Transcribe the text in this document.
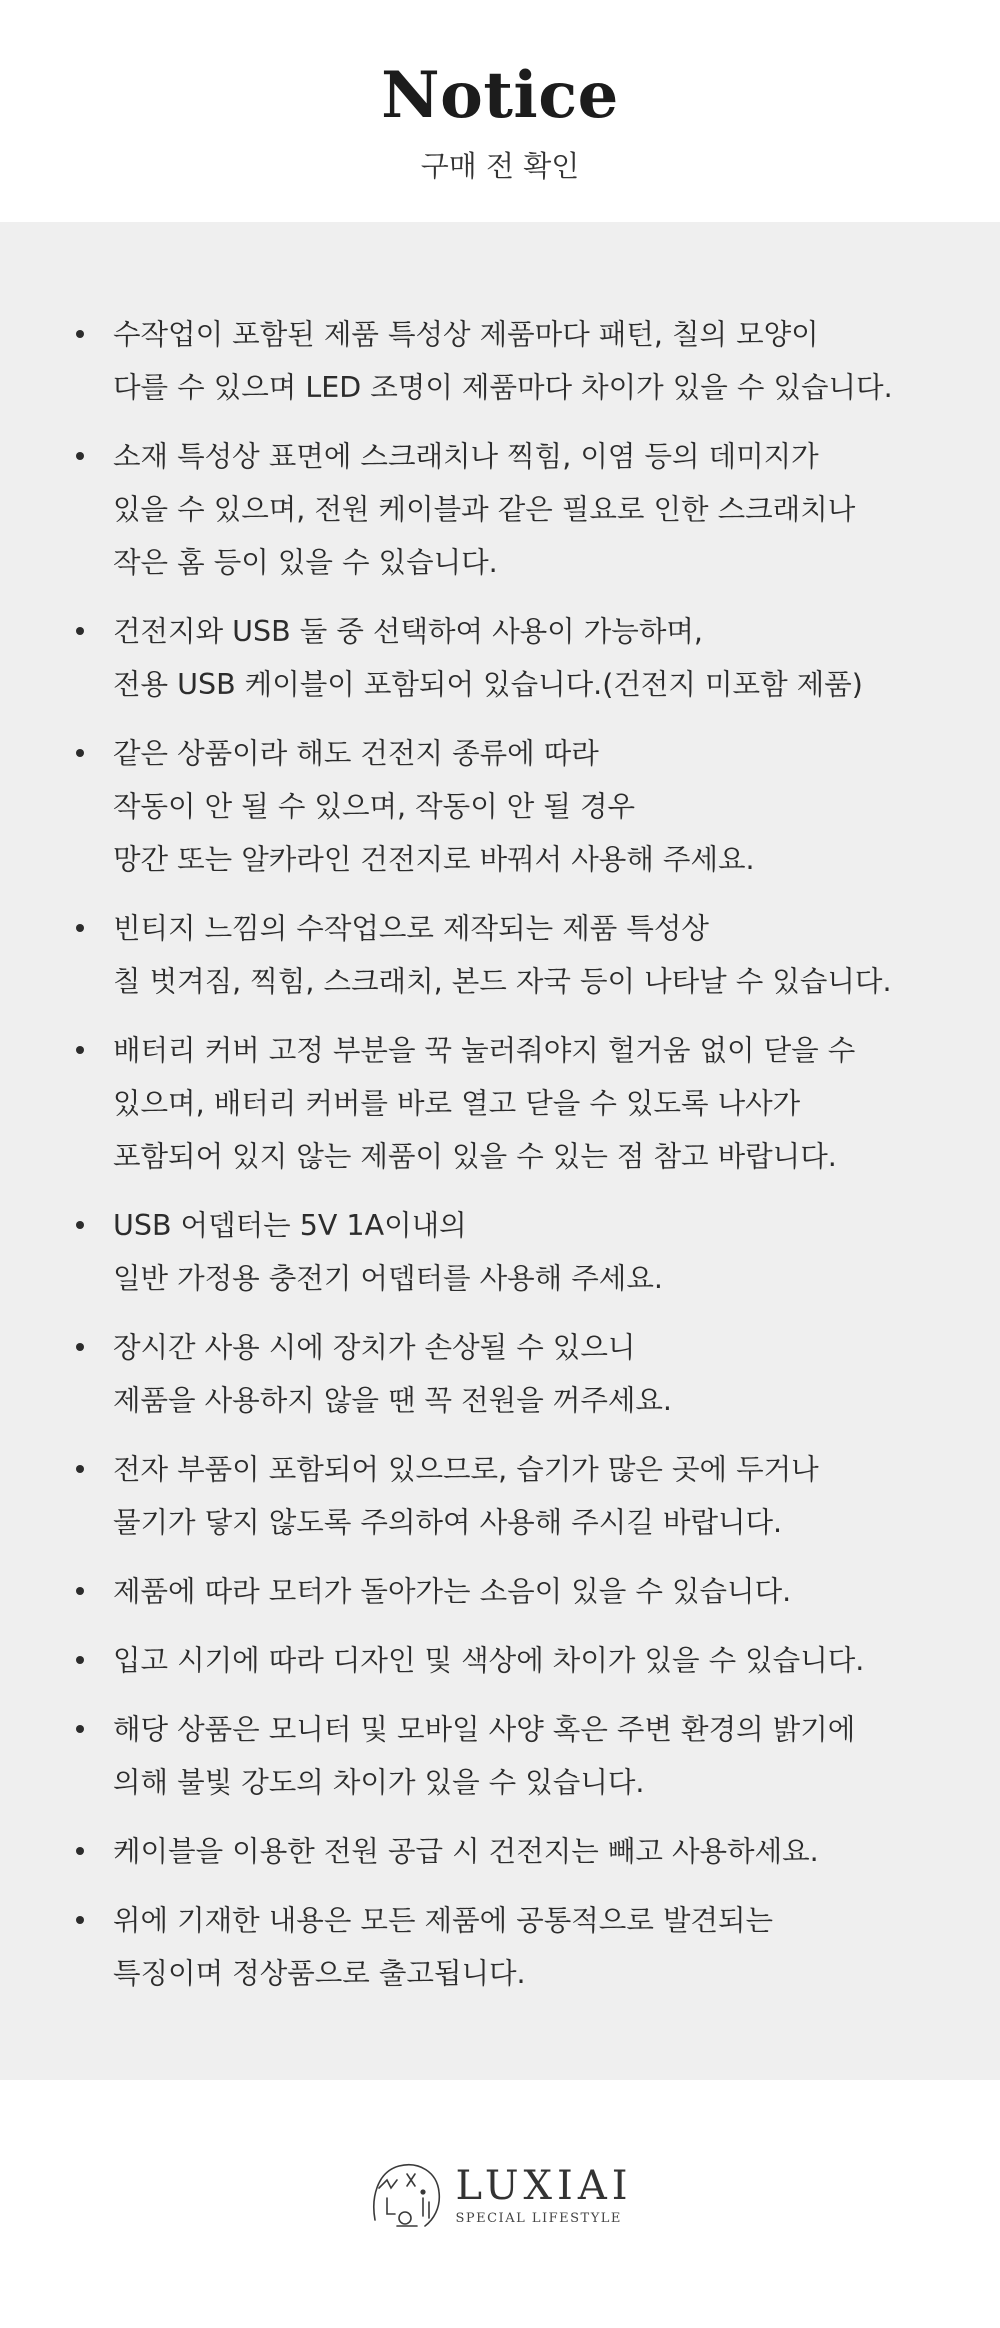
Notice
구매 전 확인
수작업이 포함된 제품 특성상 제품마다 패턴, 칠의 모양이
다를 수 있으며 LED 조명이 제품마다 차이가 있을 수 있습니다.
소재 특성상 표면에 스크래치나 찍힘, 이염 등의 데미지가
있을 수 있으며, 전원 케이블과 같은 필요로 인한 스크래치나
작은 홈 등이 있을 수 있습니다.
건전지와 USB 둘 중 선택하여 사용이 가능하며,
전용 USB 케이블이 포함되어 있습니다.(건전지 미포함 제품)
같은 상품이라 해도 건전지 종류에 따라
작동이 안 될 수 있으며, 작동이 안 될 경우
망간 또는 알카라인 건전지로 바꿔서 사용해 주세요.
빈티지 느낌의 수작업으로 제작되는 제품 특성상
칠 벗겨짐, 찍힘, 스크래치, 본드 자국 등이 나타날 수 있습니다.
배터리 커버 고정 부분을 꾹 눌러줘야지 헐거움 없이 닫을 수
있으며, 배터리 커버를 바로 열고 닫을 수 있도록 나사가
포함되어 있지 않는 제품이 있을 수 있는 점 참고 바랍니다.
USB 어뎁터는 5V 1A이내의
일반 가정용 충전기 어뎁터를 사용해 주세요.
장시간 사용 시에 장치가 손상될 수 있으니
제품을 사용하지 않을 땐 꼭 전원을 꺼주세요.
전자 부품이 포함되어 있으므로, 습기가 많은 곳에 두거나
물기가 닿지 않도록 주의하여 사용해 주시길 바랍니다.
제품에 따라 모터가 돌아가는 소음이 있을 수 있습니다.
입고 시기에 따라 디자인 및 색상에 차이가 있을 수 있습니다.
해당 상품은 모니터 및 모바일 사양 혹은 주변 환경의 밝기에
의해 불빛 강도의 차이가 있을 수 있습니다.
케이블을 이용한 전원 공급 시 건전지는 빼고 사용하세요.
위에 기재한 내용은 모든 제품에 공통적으로 발견되는
특징이며 정상품으로 출고됩니다.
LUXIAI
SPECIAL LIFESTYLE
